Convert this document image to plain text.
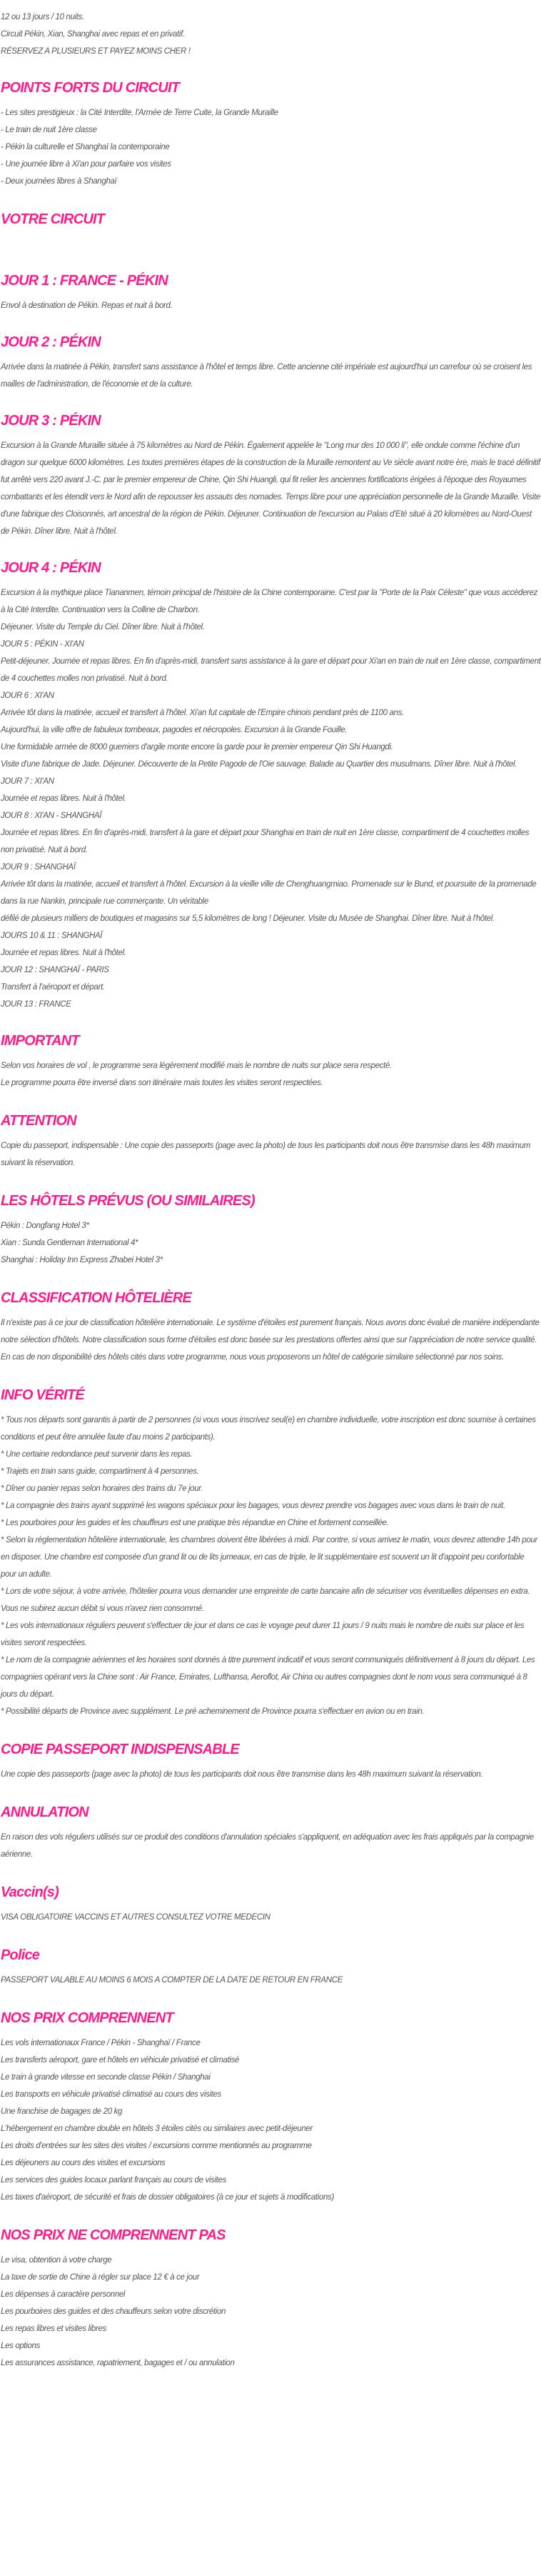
12 ou 13 jours / 10 nuits.
Circuit Pékin, Xian, Shanghai avec repas et en privatif.
RÉSERVEZ A PLUSIEURS ET PAYEZ MOINS CHER !
POINTS FORTS DU CIRCUIT
- Les sites prestigieux : la Cité Interdite, l'Armée de Terre Cuite, la Grande Muraille
- Le train de nuit 1ère classe
- Pékin la culturelle et Shanghaï la contemporaine
- Une journée libre à Xi'an pour parfaire vos visites
- Deux journées libres à Shanghaï
VOTRE CIRCUIT
JOUR 1 : FRANCE - PÉKIN

Envol à destination de Pékin. Repas et nuit à bord.

JOUR 2 : PÉKIN

Arrivée dans la matinée à Pékin, transfert sans assistance à l'hôtel et temps libre. Cette ancienne cité impériale est aujourd'hui un carrefour où se croisent les mailles de l'administration, de l'économie et de la culture.

JOUR 3 : PÉKIN

Excursion à la Grande Muraille située à 75 kilomètres au Nord de Pékin. Également appelée le "Long mur des 10 000 li", elle ondule comme l'échine d'un dragon sur quelque 6000 kilomètres. Les toutes premières étapes de la construction de la Muraille remontent au Ve siècle avant notre ère, mais le tracé définitif fut arrêté vers 220 avant J.-C. par le premier empereur de Chine, Qin Shi Huangli, qui fit relier les anciennes fortifications érigées à l'époque des Royaumes combattants et les étendit vers le Nord afin de repousser les assauts des nomades. Temps libre pour une appréciation personnelle de la Grande Muraille. Visite d'une fabrique des Cloisonnés, art ancestral de la région de Pékin. Déjeuner. Continuation de l'excursion au Palais d'Eté situé à 20 kilomètres au Nord-Ouest de Pékin. Dîner libre. Nuit à l'hôtel.

JOUR 4 : PÉKIN

Excursion à la mythique place Tiananmen, témoin principal de l'histoire de la Chine contemporaine. C'est par la "Porte de la Paix Céleste" que vous accèderez à la Cité Interdite. Continuation vers la Colline de Charbon.

Déjeuner. Visite du Temple du Ciel. Dîner libre. Nuit à l'hôtel.

JOUR 5 : PÉKIN - XI'AN

Petit-déjeuner. Journée et repas libres. En fin d'après-midi, transfert sans assistance à la gare et départ pour Xi'an en train de nuit en 1ère classe, compartiment de 4 couchettes molles non privatisé. Nuit à bord.

JOUR 6 : XI'AN

Arrivée tôt dans la matinée, accueil et transfert à l'hôtel. Xi'an fut capitale de l'Empire chinois pendant près de 1100 ans.

Aujourd'hui, la ville offre de fabuleux tombeaux, pagodes et nécropoles. Excursion à la Grande Fouille.

Une formidable armée de 8000 guerriers d'argile monte encore la garde pour le premier empereur Qin Shi Huangdi.

Visite d'une fabrique de Jade. Déjeuner. Découverte de la Petite Pagode de l'Oie sauvage. Balade au Quartier des musulmans. Dîner libre. Nuit à l'hôtel.

JOUR 7 : XI'AN

Journée et repas libres. Nuit à l'hôtel.

JOUR 8 : XI'AN - SHANGHAÏ

Journée et repas libres. En fin d'après-midi, transfert à la gare et départ pour Shanghai en train de nuit en 1ère classe, compartiment de 4 couchettes molles non privatisé. Nuit à bord.

JOUR 9 : SHANGHAÏ

Arrivée tôt dans la matinée, accueil et transfert à l'hôtel. Excursion à la vieille ville de Chenghuangmiao. Promenade sur le Bund, et poursuite de la promenade dans la rue Nankin, principale rue commerçante. Un véritable

défilé de plusieurs milliers de boutiques et magasins sur 5,5 kilomètres de long ! Déjeuner. Visite du Musée de Shanghai. Dîner libre. Nuit à l'hôtel.

JOURS 10 & 11 : SHANGHAÏ

Journée et repas libres. Nuit à l'hôtel.

JOUR 12 : SHANGHAÏ - PARIS

Transfert à l'aéroport et départ.

JOUR 13 : FRANCE

IMPORTANT

Selon vos horaires de vol , le programme sera légèrement modifié mais le nombre de nuits sur place sera respecté.

Le programme pourra être inversé dans son itinéraire mais toutes les visites seront respectées.

ATTENTION

Copie du passeport, indispensable : Une copie des passeports (page avec la photo) de tous les participants doit nous être transmise dans les 48h maximum suivant la réservation.

LES HÔTELS PRÉVUS (OU SIMILAIRES)

Pékin : Dongfang Hotel 3*

Xian : Sunda Gentleman International 4*

Shanghai : Holiday Inn Express Zhabei Hotel 3*

CLASSIFICATION HÔTELIÈRE

Il n'existe pas à ce jour de classification hôtelière internationale. Le système d'étoiles est purement français. Nous avons donc évalué de manière indépendante notre sélection d'hôtels. Notre classification sous forme d'étoiles est donc basée sur les prestations offertes ainsi que sur l'appréciation de notre service qualité. En cas de non disponibilité des hôtels cités dans votre programme, nous vous proposerons un hôtel de catégorie similaire sélectionné par nos soins.

INFO VÉRITÉ

* Tous nos départs sont garantis à partir de 2 personnes (si vous vous inscrivez seul(e) en chambre individuelle, votre inscription est donc soumise à certaines conditions et peut être annulée faute d'au moins 2 participants).

* Une certaine redondance peut survenir dans les repas.

* Trajets en train sans guide, compartiment à 4 personnes.

* Dîner ou panier repas selon horaires des trains du 7e jour.

* La compagnie des trains ayant supprimé les wagons spéciaux pour les bagages, vous devrez prendre vos bagages avec vous dans le train de nuit.

* Les pourboires pour les guides et les chauffeurs est une pratique très répandue en Chine et fortement conseillée.

* Selon la règlementation hôtelière internationale, les chambres doivent être libérées à midi. Par contre, si vous arrivez le matin, vous devrez attendre 14h pour en disposer. Une chambre est composée d'un grand lit ou de lits jumeaux, en cas de triple, le lit supplémentaire est souvent un lit d'appoint peu confortable pour un adulte.

* Lors de votre séjour, à votre arrivée, l'hôtelier pourra vous demander une empreinte de carte bancaire afin de sécuriser vos éventuelles dépenses en extra. Vous ne subirez aucun débit si vous n'avez rien consommé.

* Les vols internationaux réguliers peuvent s'effectuer de jour et dans ce cas le voyage peut durer 11 jours / 9 nuits mais le nombre de nuits sur place et les visites seront respectées.

* Le nom de la compagnie aériennes et les horaires sont donnés à titre purement indicatif et vous seront communiqués définitivement à 8 jours du départ. Les compagnies opérant vers la Chine sont : Air France, Emirates, Lufthansa, Aeroflot, Air China ou autres compagnies dont le nom vous sera communiqué à 8 jours du départ.

* Possibilité départs de Province avec supplément. Le pré acheminement de Province pourra s'effectuer en avion ou en train.

COPIE PASSEPORT INDISPENSABLE

Une copie des passeports (page avec la photo) de tous les participants doit nous être transmise dans les 48h maximum suivant la réservation.

ANNULATION

En raison des vols réguliers utilisés sur ce produit des conditions d'annulation spéciales s'appliquent, en adéquation avec les frais appliqués par la compagnie aérienne.

Vaccin(s)

VISA OBLIGATOIRE VACCINS ET AUTRES CONSULTEZ VOTRE MEDECIN

Police

PASSEPORT VALABLE AU MOINS 6 MOIS A COMPTER DE LA DATE DE RETOUR EN FRANCE

NOS PRIX COMPRENNENT

Les vols internationaux France / Pékin - Shanghaï / France

Les transferts aéroport, gare et hôtels en véhicule privatisé et climatisé

Le train à grande vitesse en seconde classe Pékin / Shanghai

Les transports en véhicule privatisé climatisé au cours des visites

Une franchise de bagages de 20 kg

L'hébergement en chambre double en hôtels 3 étoiles cités ou similaires avec petit-déjeuner

Les droits d'entrées sur les sites des visites / excursions comme mentionnés au programme

Les déjeuners au cours des visites et excursions

Les services des guides locaux parlant français au cours de visites

Les taxes d'aéroport, de sécurité et frais de dossier obligatoires (à ce jour et sujets à modifications)

NOS PRIX NE COMPRENNENT PAS

Le visa, obtention à votre charge

La taxe de sortie de Chine à régler sur place 12 € à ce jour

Les dépenses à caractère personnel

Les pourboires des guides et des chauffeurs selon votre discrétion

Les repas libres et visites libres

Les options

Les assurances assistance, rapatriement, bagages et / ou annulation
